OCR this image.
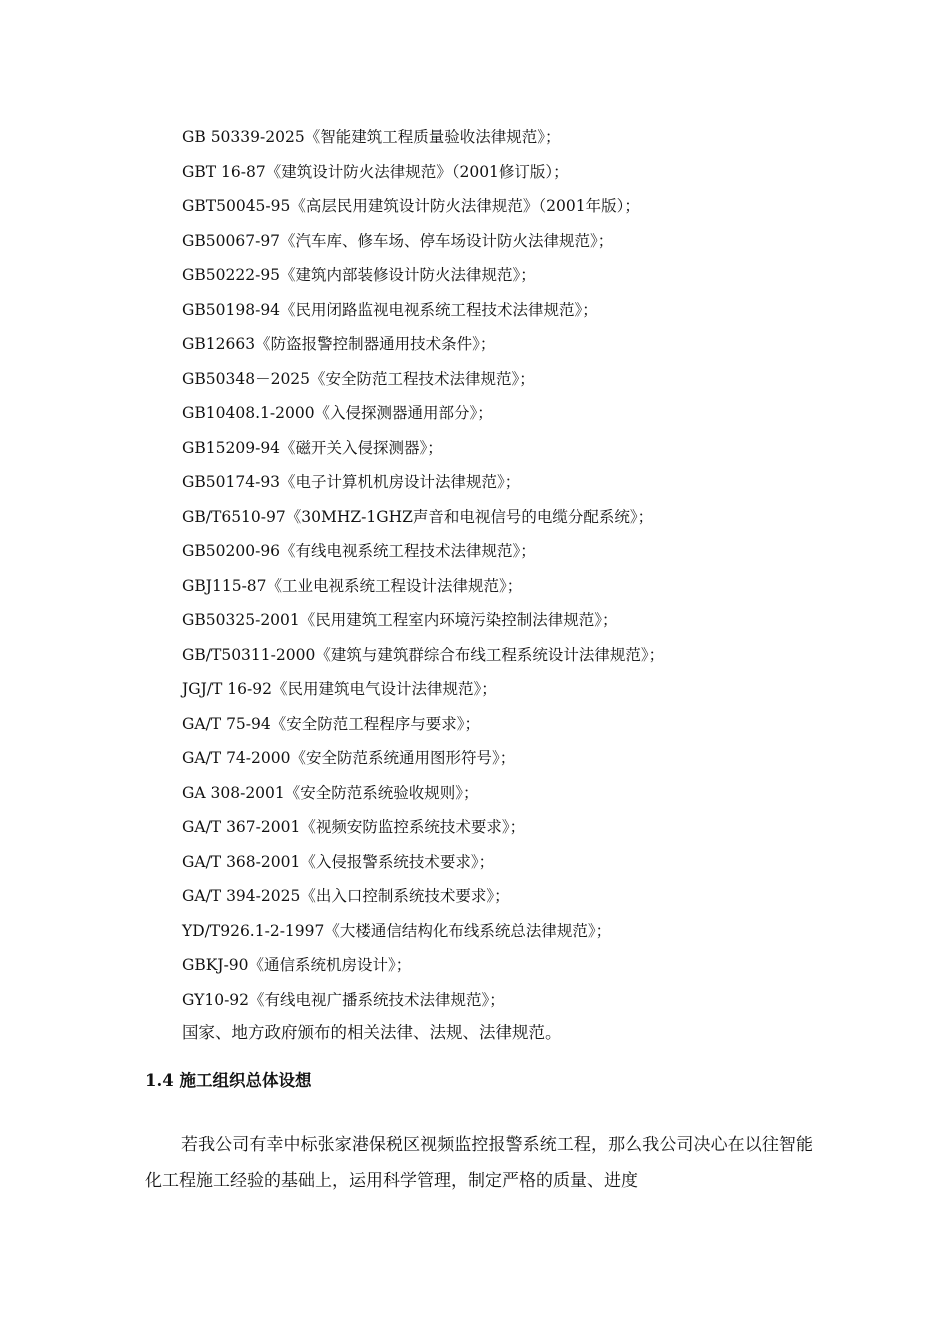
GB 50339-2025《智能建筑工程质量验收法律规范》；
GBT 16-87《建筑设计防火法律规范》（2001修订版）；
GBT50045-95《高层民用建筑设计防火法律规范》（2001年版）；
GB50067-97《汽车库、修车场、停车场设计防火法律规范》；
GB50222-95《建筑内部装修设计防火法律规范》；
GB50198-94《民用闭路监视电视系统工程技术法律规范》；
GB12663《防盗报警控制器通用技术条件》；
GB50348－2025《安全防范工程技术法律规范》；
GB10408.1-2000《入侵探测器通用部分》；
GB15209-94《磁开关入侵探测器》；
GB50174-93《电子计算机机房设计法律规范》；
GB/T6510-97《30MHZ-1GHZ声音和电视信号的电缆分配系统》；
GB50200-96《有线电视系统工程技术法律规范》；
GBJ115-87《工业电视系统工程设计法律规范》；
GB50325-2001《民用建筑工程室内环境污染控制法律规范》；
GB/T50311-2000《建筑与建筑群综合布线工程系统设计法律规范》；
JGJ/T 16-92《民用建筑电气设计法律规范》；
GA/T 75-94《安全防范工程程序与要求》；
GA/T 74-2000《安全防范系统通用图形符号》；
GA 308-2001《安全防范系统验收规则》；
GA/T 367-2001《视频安防监控系统技术要求》；
GA/T 368-2001《入侵报警系统技术要求》；
GA/T 394-2025《出入口控制系统技术要求》；
YD/T926.1-2-1997《大楼通信结构化布线系统总法律规范》；
GBKJ-90《通信系统机房设计》；
GY10-92《有线电视广播系统技术法律规范》；
国家、地方政府颁布的相关法律、法规、法律规范。
1.4 施工组织总体设想

若我公司有幸中标张家港保税区视频监控报警系统工程，那么我公司决心在以往智能化工程施工经验的基础上，运用科学管理，制定严格的质量、进度
